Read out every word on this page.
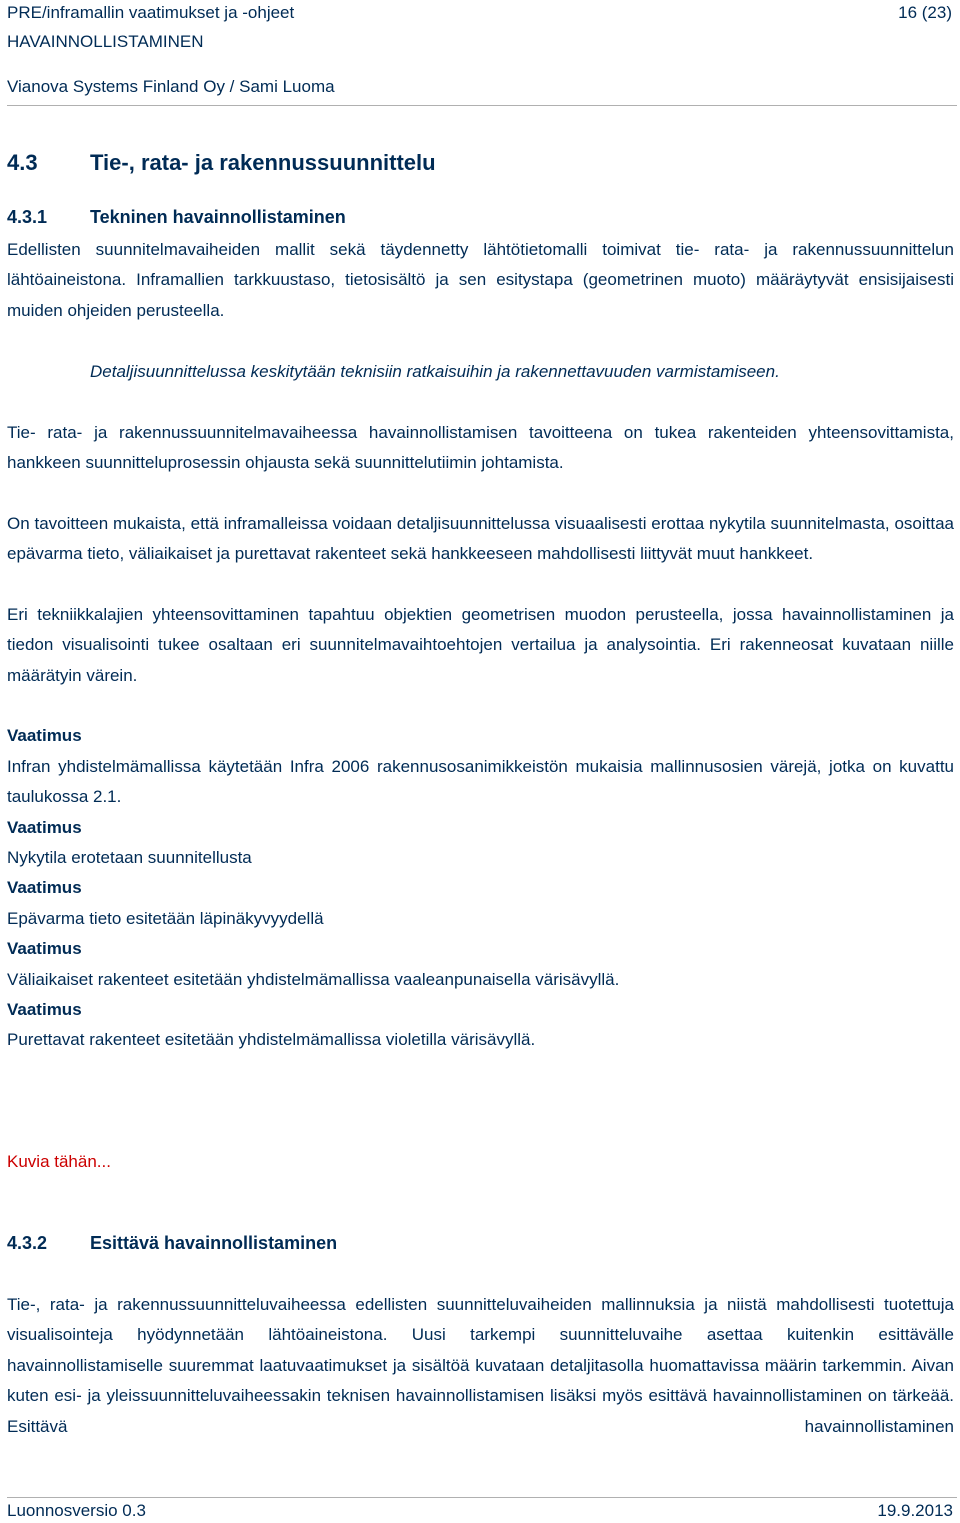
PRE/inframallin vaatimukset ja -ohjeet	16 (23)
HAVAINNOLLISTAMINEN
Vianova Systems Finland Oy / Sami Luoma
4.3 Tie-, rata- ja rakennussuunnittelu
4.3.1 Tekninen havainnollistaminen
Edellisten suunnitelmavaiheiden mallit sekä täydennetty lähtötietomalli toimivat tie- rata- ja rakennussuunnittelun lähtöaineistona. Inframallien tarkkuustaso, tietosisältö ja sen esitystapa (geometrinen muoto) määräytyvät ensisijaisesti muiden ohjeiden perusteella.
Detaljisuunnittelussa keskitytään teknisiin ratkaisuihin ja rakennettavuuden varmistamiseen.
Tie- rata- ja rakennussuunnitelmavaiheessa havainnollistamisen tavoitteena on tukea rakenteiden yhteensovittamista, hankkeen suunnitteluprosessin ohjausta sekä suunnittelutiimin johtamista.
On tavoitteen mukaista, että inframalleissa voidaan detaljisuunnittelussa visuaalisesti erottaa nykytila suunnitelmasta, osoittaa epävarma tieto, väliaikaiset ja purettavat rakenteet sekä hankkeeseen mahdollisesti liittyvät muut hankkeet.
Eri tekniikkalajien yhteensovittaminen tapahtuu objektien geometrisen muodon perusteella, jossa havainnollistaminen ja tiedon visualisointi tukee osaltaan eri suunnitelmavaihtoehtojen vertailua ja analysointia. Eri rakenneosat kuvataan niille määrätyin värein.
Vaatimus
Infran yhdistelmämallissa käytetään Infra 2006 rakennusosanimikkeistön mukaisia mallinnusosien värejä, jotka on kuvattu taulukossa 2.1.
Vaatimus
Nykytila erotetaan suunnitellusta
Vaatimus
Epävarma tieto esitetään läpinäkyvyydellä
Vaatimus
Väliaikaiset rakenteet esitetään yhdistelmämallissa vaaleanpunaisella värisävyllä.
Vaatimus
Purettavat rakenteet esitetään yhdistelmämallissa violetilla värisävyllä.
Kuvia tähän...
4.3.2 Esittävä havainnollistaminen
Tie-, rata- ja rakennussuunnitteluvaiheessa edellisten suunnitteluvaiheiden mallinnuksia ja niistä mahdollisesti tuotettuja visualisointeja hyödynnetään lähtöaineistona. Uusi tarkempi suunnitteluvaihe asettaa kuitenkin esittävälle havainnollistamiselle suuremmat laatuvaatimukset ja sisältöä kuvataan detaljitasolla huomattavissa määrin tarkemmin. Aivan kuten esi- ja yleissuunnitteluvaiheessakin teknisen havainnollistamisen lisäksi myös esittävä havainnollistaminen on tärkeää. Esittävä havainnollistaminen
Luonnosversio 0.3	19.9.2013
